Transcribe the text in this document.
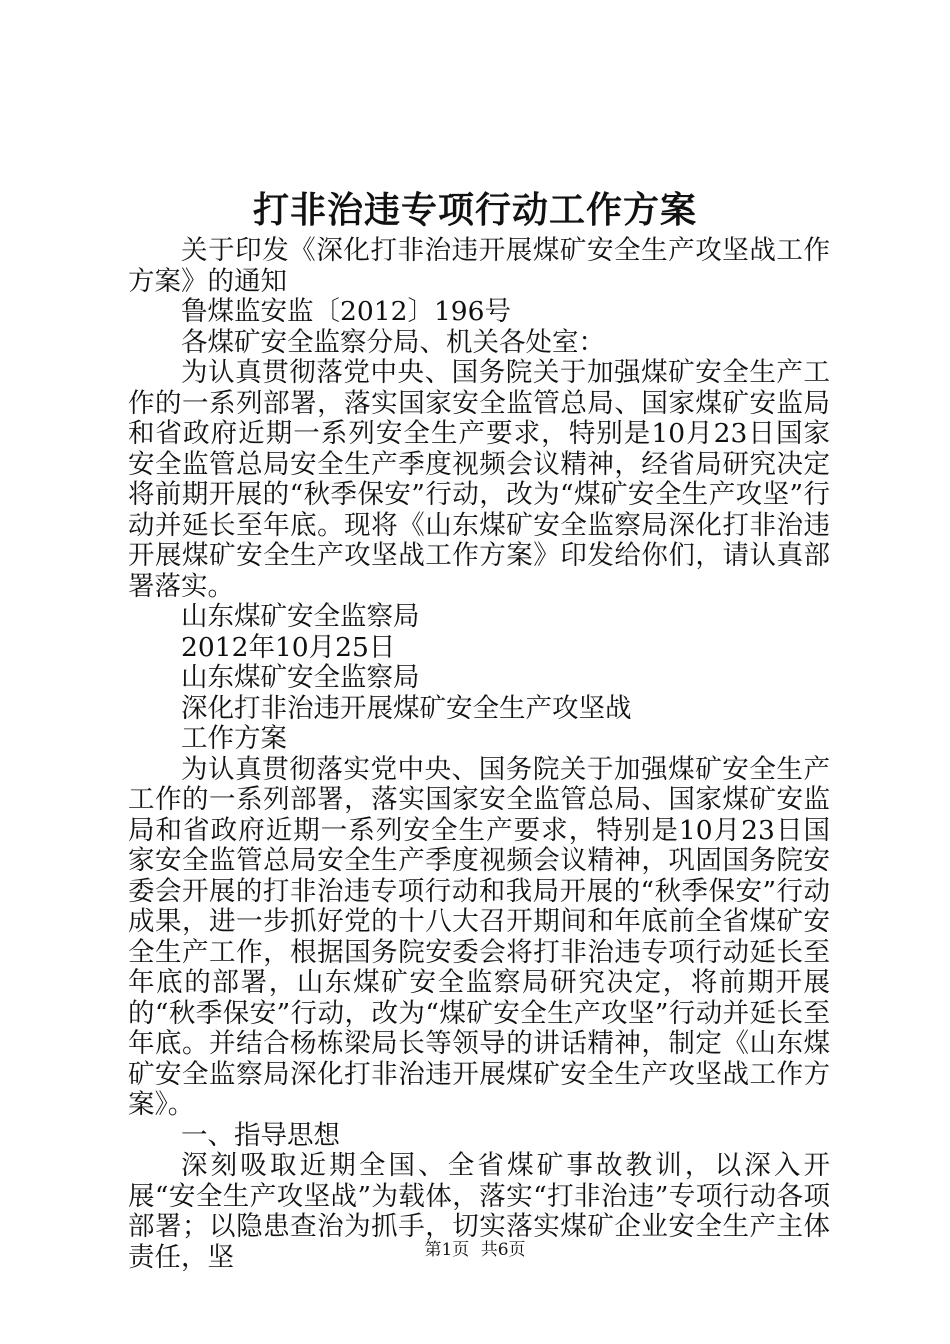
打非治违专项行动工作方案

关于印发《深化打非治违开展煤矿安全生产攻坚战工作方案》的通知

鲁煤监安监〔2012〕196号

各煤矿安全监察分局、机关各处室：

为认真贯彻落党中央、国务院关于加强煤矿安全生产工作的一系列部署，落实国家安全监管总局、国家煤矿安监局和省政府近期一系列安全生产要求，特别是10月23日国家安全监管总局安全生产季度视频会议精神，经省局研究决定将前期开展的“秋季保安”行动，改为“煤矿安全生产攻坚”行动并延长至年底。现将《山东煤矿安全监察局深化打非治违开展煤矿安全生产攻坚战工作方案》印发给你们，请认真部署落实。

山东煤矿安全监察局

2012年10月25日

山东煤矿安全监察局

深化打非治违开展煤矿安全生产攻坚战

工作方案

为认真贯彻落实党中央、国务院关于加强煤矿安全生产工作的一系列部署，落实国家安全监管总局、国家煤矿安监局和省政府近期一系列安全生产要求，特别是10月23日国家安全监管总局安全生产季度视频会议精神，巩固国务院安委会开展的打非治违专项行动和我局开展的“秋季保安”行动成果，进一步抓好党的十八大召开期间和年底前全省煤矿安全生产工作，根据国务院安委会将打非治违专项行动延长至年底的部署，山东煤矿安全监察局研究决定，将前期开展的“秋季保安”行动，改为“煤矿安全生产攻坚”行动并延长至年底。并结合杨栋梁局长等领导的讲话精神，制定《山东煤矿安全监察局深化打非治违开展煤矿安全生产攻坚战工作方案》。

一、指导思想

深刻吸取近期全国、全省煤矿事故教训，以深入开展“安全生产攻坚战”为载体，落实“打非治违”专项行动各项部署；以隐患查治为抓手，切实落实煤矿企业安全生产主体责任，坚	第1页 共6页
